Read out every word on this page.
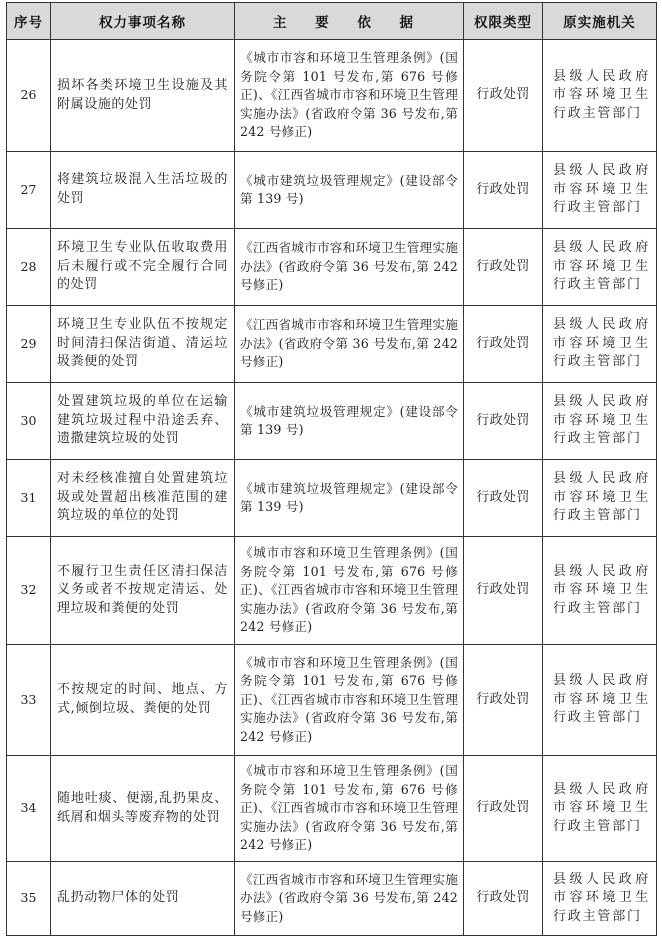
序号	权力事项名称	主 要 依 据	权限类型	原实施机关
26	损坏各类环境卫生设施及其附属设施的处罚	《城市市容和环境卫生管理条例》(国务院令第 101 号发布,第 676 号修正)、《江西省城市市容和环境卫生管理实施办法》(省政府令第 36 号发布,第 242 号修正)	行政处罚	县级人民政府市容环境卫生行政主管部门
27	将建筑垃圾混入生活垃圾的处罚	《城市建筑垃圾管理规定》(建设部令第 139 号)	行政处罚	县级人民政府市容环境卫生行政主管部门
28	环境卫生专业队伍收取费用后未履行或不完全履行合同的处罚	《江西省城市市容和环境卫生管理实施办法》(省政府令第 36 号发布,第 242 号修正)	行政处罚	县级人民政府市容环境卫生行政主管部门
29	环境卫生专业队伍不按规定时间清扫保洁街道、清运垃圾粪便的处罚	《江西省城市市容和环境卫生管理实施办法》(省政府令第 36 号发布,第 242 号修正)	行政处罚	县级人民政府市容环境卫生行政主管部门
30	处置建筑垃圾的单位在运输建筑垃圾过程中沿途丢弃、遗撒建筑垃圾的处罚	《城市建筑垃圾管理规定》(建设部令第 139 号)	行政处罚	县级人民政府市容环境卫生行政主管部门
31	对未经核准擅自处置建筑垃圾或处置超出核准范围的建筑垃圾的单位的处罚	《城市建筑垃圾管理规定》(建设部令第 139 号)	行政处罚	县级人民政府市容环境卫生行政主管部门
32	不履行卫生责任区清扫保洁义务或者不按规定清运、处理垃圾和粪便的处罚	《城市市容和环境卫生管理条例》(国务院令第 101 号发布,第 676 号修正)、《江西省城市市容和环境卫生管理实施办法》(省政府令第 36 号发布,第 242 号修正)	行政处罚	县级人民政府市容环境卫生行政主管部门
33	不按规定的时间、地点、方式,倾倒垃圾、粪便的处罚	《城市市容和环境卫生管理条例》(国务院令第 101 号发布,第 676 号修正)、《江西省城市市容和环境卫生管理实施办法》(省政府令第 36 号发布,第 242 号修正)	行政处罚	县级人民政府市容环境卫生行政主管部门
34	随地吐痰、便溺,乱扔果皮、纸屑和烟头等废弃物的处罚	《城市市容和环境卫生管理条例》(国务院令第 101 号发布,第 676 号修正)、《江西省城市市容和环境卫生管理实施办法》(省政府令第 36 号发布,第 242 号修正)	行政处罚	县级人民政府市容环境卫生行政主管部门
35	乱扔动物尸体的处罚	《江西省城市市容和环境卫生管理实施办法》(省政府令第 36 号发布,第 242 号修正)	行政处罚	县级人民政府市容环境卫生行政主管部门
